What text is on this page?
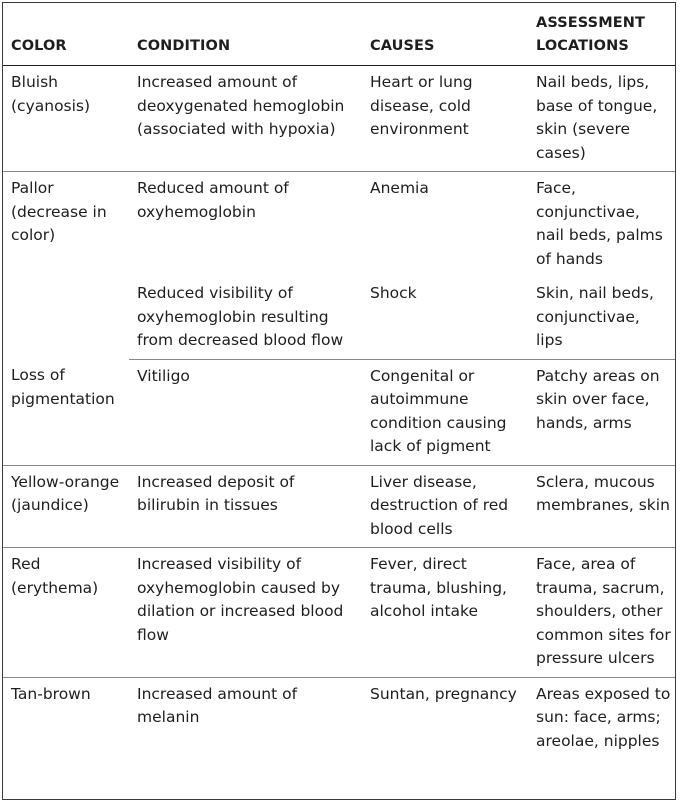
COLOR	CONDITION	CAUSES	ASSESSMENT
LOCATIONS
Bluish (cyanosis)	Increased amount of deoxygenated hemoglobin (associated with hypoxia)	Heart or lung disease, cold environment	Nail beds, lips, base of tongue, skin (severe cases)
Pallor (decrease in color)	Reduced amount of oxyhemoglobin	Anemia	Face, conjunctivae, nail beds, palms of hands
	Reduced visibility of oxyhemoglobin resulting from decreased blood flow	Shock	Skin, nail beds, conjunctivae, lips
Loss of pigmentation	Vitiligo	Congenital or autoimmune condition causing lack of pigment	Patchy areas on skin over face, hands, arms
Yellow-orange (jaundice)	Increased deposit of bilirubin in tissues	Liver disease, destruction of red blood cells	Sclera, mucous membranes, skin
Red (erythema)	Increased visibility of oxyhemoglobin caused by dilation or increased blood flow	Fever, direct trauma, blushing, alcohol intake	Face, area of trauma, sacrum, shoulders, other common sites for pressure ulcers
Tan-brown	Increased amount of melanin	Suntan, pregnancy	Areas exposed to sun: face, arms; areolae, nipples
